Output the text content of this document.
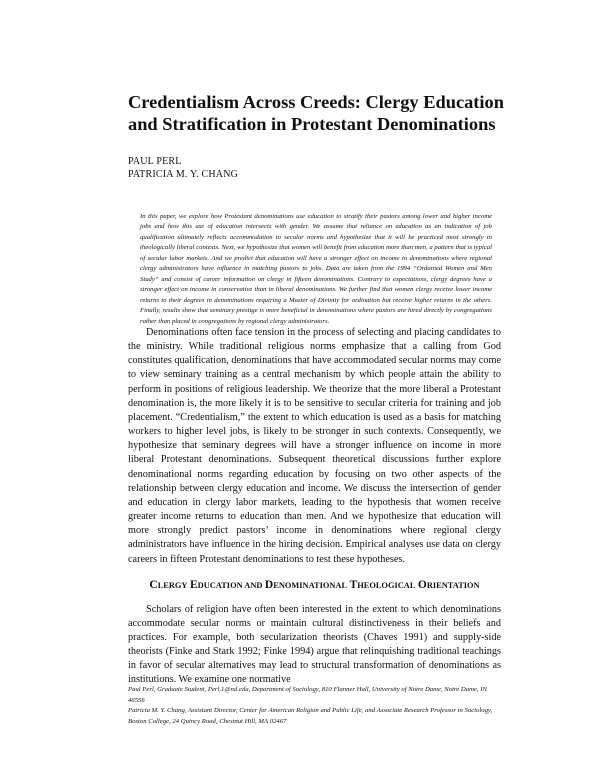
Credentialism Across Creeds: Clergy Education and Stratification in Protestant Denominations
PAUL PERL
PATRICIA M. Y. CHANG

In this paper, we explore how Protestant denominations use education to stratify their pastors among lower and higher income jobs and how this use of education intersects with gender. We assume that reliance on education as an indication of job qualification ultimately reflects accommodation to secular norms and hypothesize that it will be practiced most strongly in theologically liberal contexts. Next, we hypothesize that women will benefit from education more than men, a pattern that is typical of secular labor markets. And we predict that education will have a stronger effect on income in denominations where regional clergy administrators have influence in matching pastors to jobs. Data are taken from the 1994 “Ordained Women and Men Study” and consist of career information on clergy in fifteen denominations. Contrary to expectations, clergy degrees have a stronger effect on income in conservative than in liberal denominations. We further find that women clergy receive lower income returns to their degrees in denominations requiring a Master of Divinity for ordination but receive higher returns in the others. Finally, results show that seminary prestige is more beneficial in denominations where pastors are hired directly by congregations rather than placed in congregations by regional clergy administrators.

Denominations often face tension in the process of selecting and placing candidates to the ministry. While traditional religious norms emphasize that a calling from God constitutes qualification, denominations that have accommodated secular norms may come to view seminary training as a central mechanism by which people attain the ability to perform in positions of religious leadership. We theorize that the more liberal a Protestant denomination is, the more likely it is to be sensitive to secular criteria for training and job placement. “Credentialism,” the extent to which education is used as a basis for matching workers to higher level jobs, is likely to be stronger in such contexts. Consequently, we hypothesize that seminary degrees will have a stronger influence on income in more liberal Protestant denominations. Subsequent theoretical discussions further explore denominational norms regarding education by focusing on two other aspects of the relationship between clergy education and income. We discuss the intersection of gender and education in clergy labor markets, leading to the hypothesis that women receive greater income returns to education than men. And we hypothesize that education will more strongly predict pastors’ income in denominations where regional clergy administrators have influence in the hiring decision. Empirical analyses use data on clergy careers in fifteen Protestant denominations to test these hypotheses.

CLERGY EDUCATION AND DENOMINATIONAL THEOLOGICAL ORIENTATION

Scholars of religion have often been interested in the extent to which denominations accommodate secular norms or maintain cultural distinctiveness in their beliefs and practices. For example, both secularization theorists (Chaves 1991) and supply-side theorists (Finke and Stark 1992; Finke 1994) argue that relinquishing traditional teachings in favor of secular alternatives may lead to structural transformation of denominations as institutions. We examine one normative

Paul Perl, Graduate Student, Perl.1@nd.edu, Department of Sociology, 810 Flanner Hall, University of Notre Dame, Notre Dame, IN 46556
Patricia M. Y. Chang, Assistant Director, Center for American Religion and Public Life, and Associate Research Professor in Sociology, Boston College, 24 Quincy Road, Chestnut Hill, MA 02467
